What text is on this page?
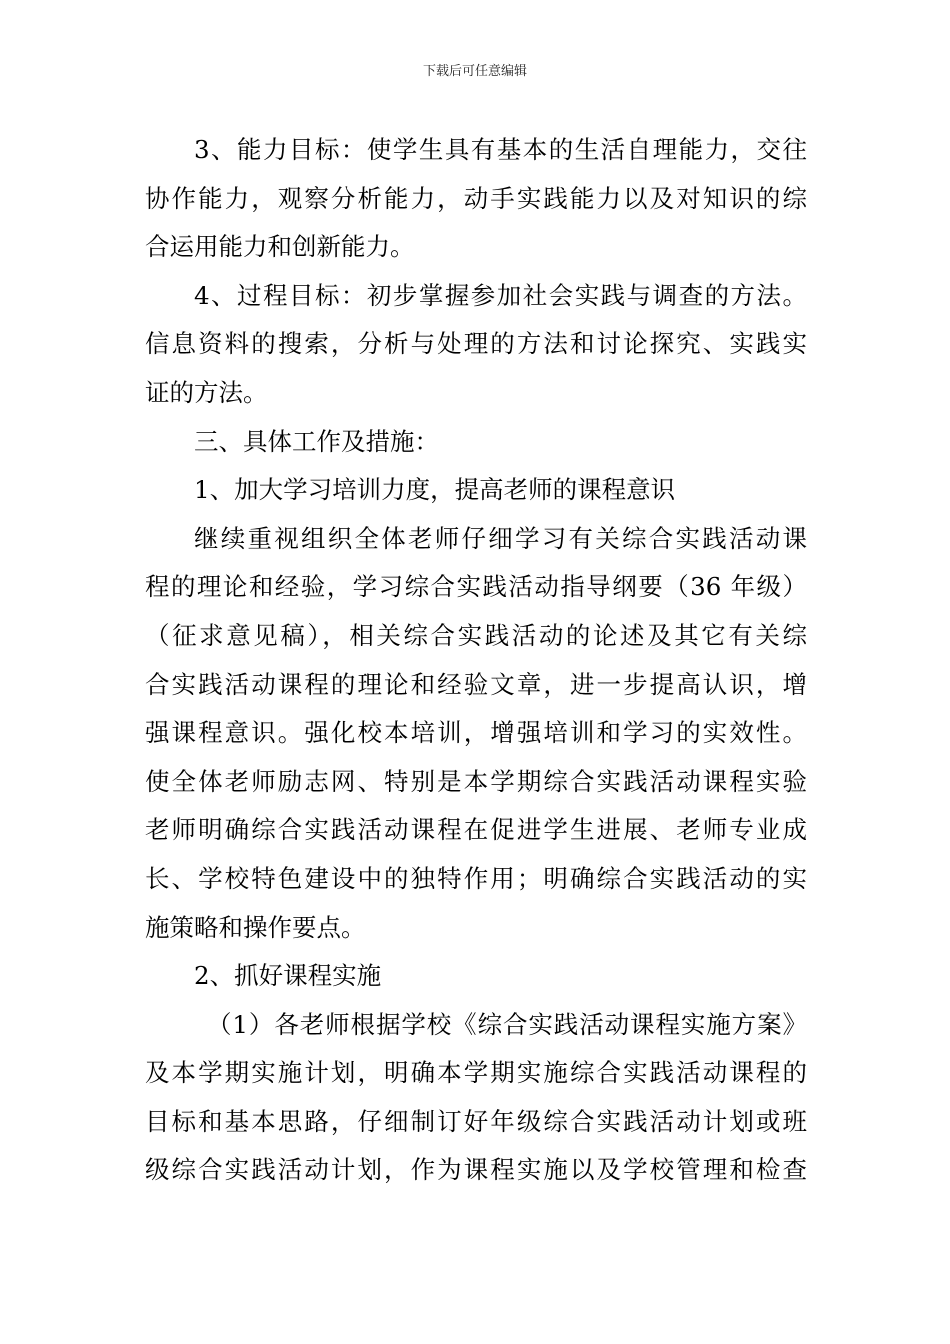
下载后可任意编辑
3、能力目标：使学生具有基本的生活自理能力，交往
协作能力，观察分析能力，动手实践能力以及对知识的综
合运用能力和创新能力。
4、过程目标：初步掌握参加社会实践与调查的方法。
信息资料的搜索，分析与处理的方法和讨论探究、实践实
证的方法。
三、具体工作及措施：
1、加大学习培训力度，提高老师的课程意识
继续重视组织全体老师仔细学习有关综合实践活动课
程的理论和经验，学习综合实践活动指导纲要（36 年级）
（征求意见稿），相关综合实践活动的论述及其它有关综
合实践活动课程的理论和经验文章，进一步提高认识，增
强课程意识。强化校本培训，增强培训和学习的实效性。
使全体老师励志网、特别是本学期综合实践活动课程实验
老师明确综合实践活动课程在促进学生进展、老师专业成
长、学校特色建设中的独特作用；明确综合实践活动的实
施策略和操作要点。
2、抓好课程实施
（1）各老师根据学校《综合实践活动课程实施方案》
及本学期实施计划，明确本学期实施综合实践活动课程的
目标和基本思路，仔细制订好年级综合实践活动计划或班
级综合实践活动计划，作为课程实施以及学校管理和检查
